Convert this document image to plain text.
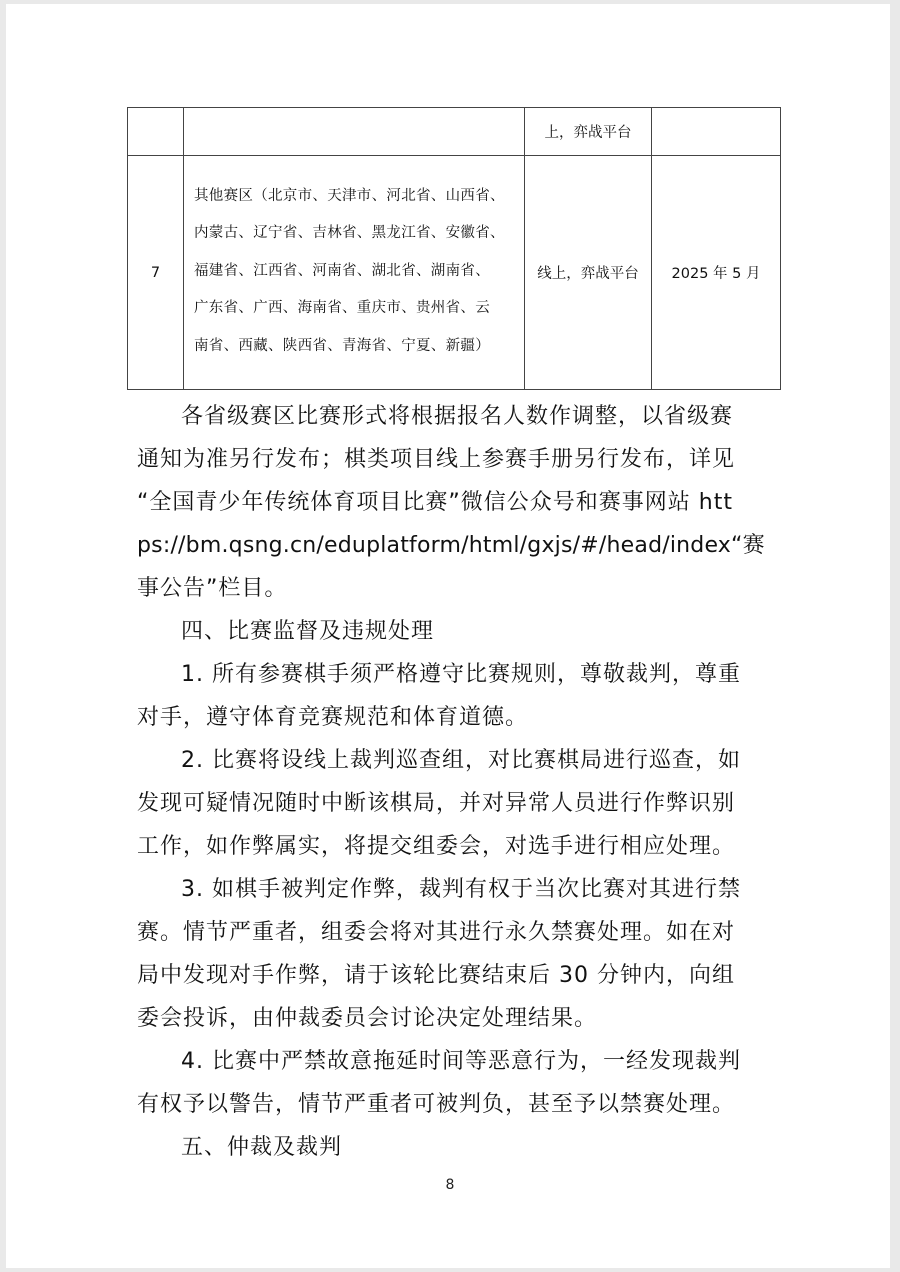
		上，弈战平台	
7	其他赛区（北京市、天津市、河北省、山西省、
内蒙古、辽宁省、吉林省、黑龙江省、安徽省、
福建省、江西省、河南省、湖北省、湖南省、
广东省、广西、海南省、重庆市、贵州省、云
南省、西藏、陕西省、青海省、宁夏、新疆）	线上，弈战平台	2025 年 5 月
各省级赛区比赛形式将根据报名人数作调整，以省级赛
通知为准另行发布；棋类项目线上参赛手册另行发布，详见
“全国青少年传统体育项目比赛”微信公众号和赛事网站 htt
ps://bm.qsng.cn/eduplatform/html/gxjs/#/head/index“赛
事公告”栏目。
四、比赛监督及违规处理
1. 所有参赛棋手须严格遵守比赛规则，尊敬裁判，尊重
对手，遵守体育竞赛规范和体育道德。
2. 比赛将设线上裁判巡查组，对比赛棋局进行巡查，如
发现可疑情况随时中断该棋局，并对异常人员进行作弊识别
工作，如作弊属实，将提交组委会，对选手进行相应处理。
3. 如棋手被判定作弊，裁判有权于当次比赛对其进行禁
赛。情节严重者，组委会将对其进行永久禁赛处理。如在对
局中发现对手作弊，请于该轮比赛结束后 30 分钟内，向组
委会投诉，由仲裁委员会讨论决定处理结果。
4. 比赛中严禁故意拖延时间等恶意行为，一经发现裁判
有权予以警告，情节严重者可被判负，甚至予以禁赛处理。
五、仲裁及裁判
8
